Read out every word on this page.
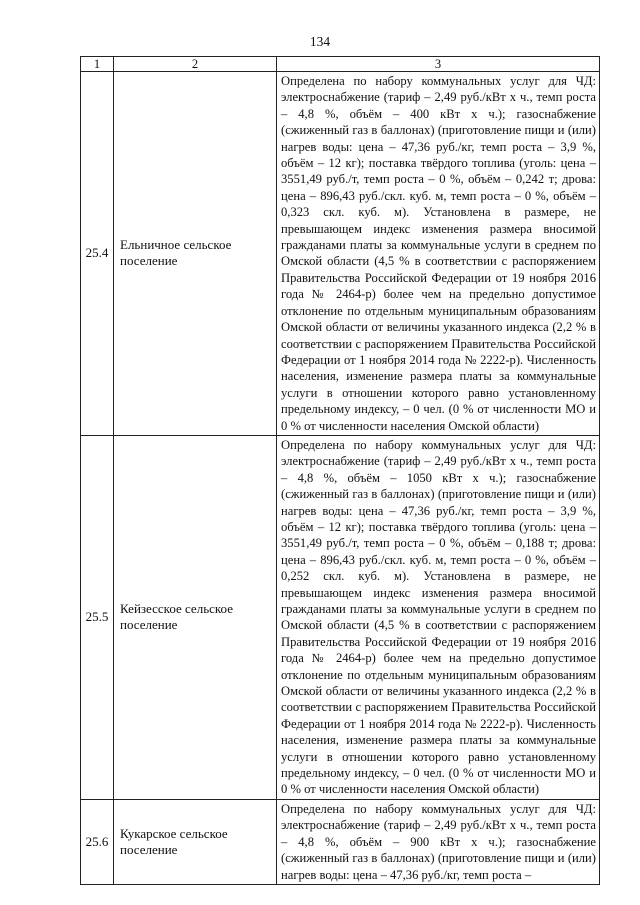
134
1	2	3
25.4	Ельничное сельское поселение	Определена по набору коммунальных услуг для ЧД: электроснабжение (тариф – 2,49 руб./кВт х ч., темп роста – 4,8 %, объём – 400 кВт х ч.); газоснабжение (сжиженный газ в баллонах) (приготовление пищи и (или) нагрев воды: цена – 47,36 руб./кг, темп роста – 3,9 %, объём – 12 кг); поставка твёрдого топлива (уголь: цена – 3551,49 руб./т, темп роста – 0 %, объём – 0,242 т; дрова: цена – 896,43 руб./скл. куб. м, темп роста – 0 %, объём – 0,323 скл. куб. м). Установлена в размере, не превышающем индекс изменения размера вносимой гражданами платы за коммунальные услуги в среднем по Омской области (4,5 % в соответствии с распоряжением Правительства Российской Федерации от 19 ноября 2016 года № 2464-р) более чем на предельно допустимое отклонение по отдельным муниципальным образованиям Омской области от величины указанного индекса (2,2 % в соответствии с распоряжением Правительства Российской Федерации от 1 ноября 2014 года № 2222-р). Численность населения, изменение размера платы за коммунальные услуги в отношении которого равно установленному предельному индексу, – 0 чел. (0 % от численности МО и 0 % от численности населения Омской области)
25.5	Кейзесское сельское поселение	Определена по набору коммунальных услуг для ЧД: электроснабжение (тариф – 2,49 руб./кВт х ч., темп роста – 4,8 %, объём – 1050 кВт х ч.); газоснабжение (сжиженный газ в баллонах) (приготовление пищи и (или) нагрев воды: цена – 47,36 руб./кг, темп роста – 3,9 %, объём – 12 кг); поставка твёрдого топлива (уголь: цена – 3551,49 руб./т, темп роста – 0 %, объём – 0,188 т; дрова: цена – 896,43 руб./скл. куб. м, темп роста – 0 %, объём – 0,252 скл. куб. м). Установлена в размере, не превышающем индекс изменения размера вносимой гражданами платы за коммунальные услуги в среднем по Омской области (4,5 % в соответствии с распоряжением Правительства Российской Федерации от 19 ноября 2016 года № 2464-р) более чем на предельно допустимое отклонение по отдельным муниципальным образованиям Омской области от величины указанного индекса (2,2 % в соответствии с распоряжением Правительства Российской Федерации от 1 ноября 2014 года № 2222-р). Численность населения, изменение размера платы за коммунальные услуги в отношении которого равно установленному предельному индексу, – 0 чел. (0 % от численности МО и 0 % от численности населения Омской области)
25.6	Кукарское сельское поселение	Определена по набору коммунальных услуг для ЧД: электроснабжение (тариф – 2,49 руб./кВт х ч., темп роста – 4,8 %, объём – 900 кВт х ч.); газоснабжение (сжиженный газ в баллонах) (приготовление пищи и (или) нагрев воды: цена – 47,36 руб./кг, темп роста –
